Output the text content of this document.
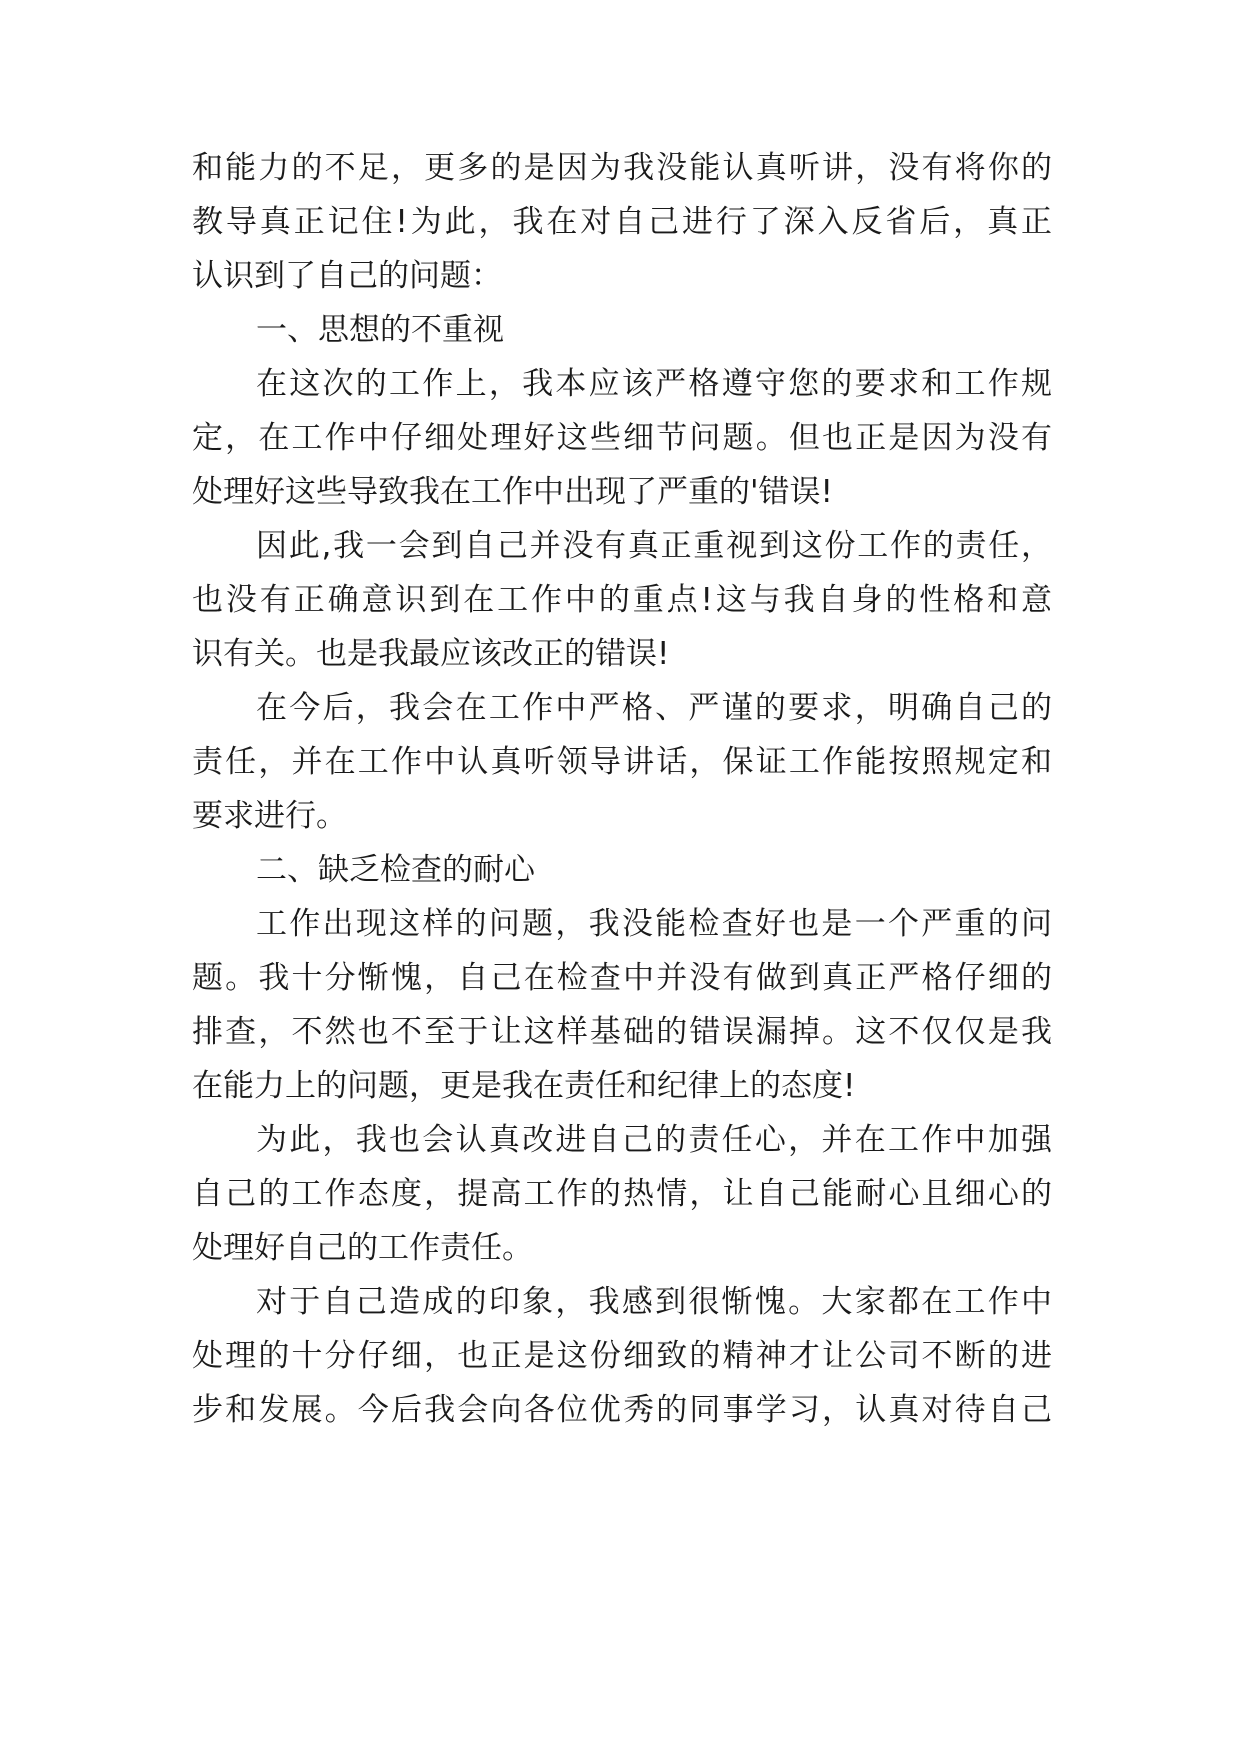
和能力的不足，更多的是因为我没能认真听讲，没有将你的
教导真正记住!为此，我在对自己进行了深入反省后，真正
认识到了自己的问题：
一、思想的不重视
在这次的工作上，我本应该严格遵守您的要求和工作规
定，在工作中仔细处理好这些细节问题。但也正是因为没有
处理好这些导致我在工作中出现了严重的'错误!
因此,我一会到自己并没有真正重视到这份工作的责任，
也没有正确意识到在工作中的重点!这与我自身的性格和意
识有关。也是我最应该改正的错误!
在今后，我会在工作中严格、严谨的要求，明确自己的
责任，并在工作中认真听领导讲话，保证工作能按照规定和
要求进行。
二、缺乏检查的耐心
工作出现这样的问题，我没能检查好也是一个严重的问
题。我十分惭愧，自己在检查中并没有做到真正严格仔细的
排查，不然也不至于让这样基础的错误漏掉。这不仅仅是我
在能力上的问题，更是我在责任和纪律上的态度!
为此，我也会认真改进自己的责任心，并在工作中加强
自己的工作态度，提高工作的热情，让自己能耐心且细心的
处理好自己的工作责任。
对于自己造成的印象，我感到很惭愧。大家都在工作中
处理的十分仔细，也正是这份细致的精神才让公司不断的进
步和发展。今后我会向各位优秀的同事学习，认真对待自己
